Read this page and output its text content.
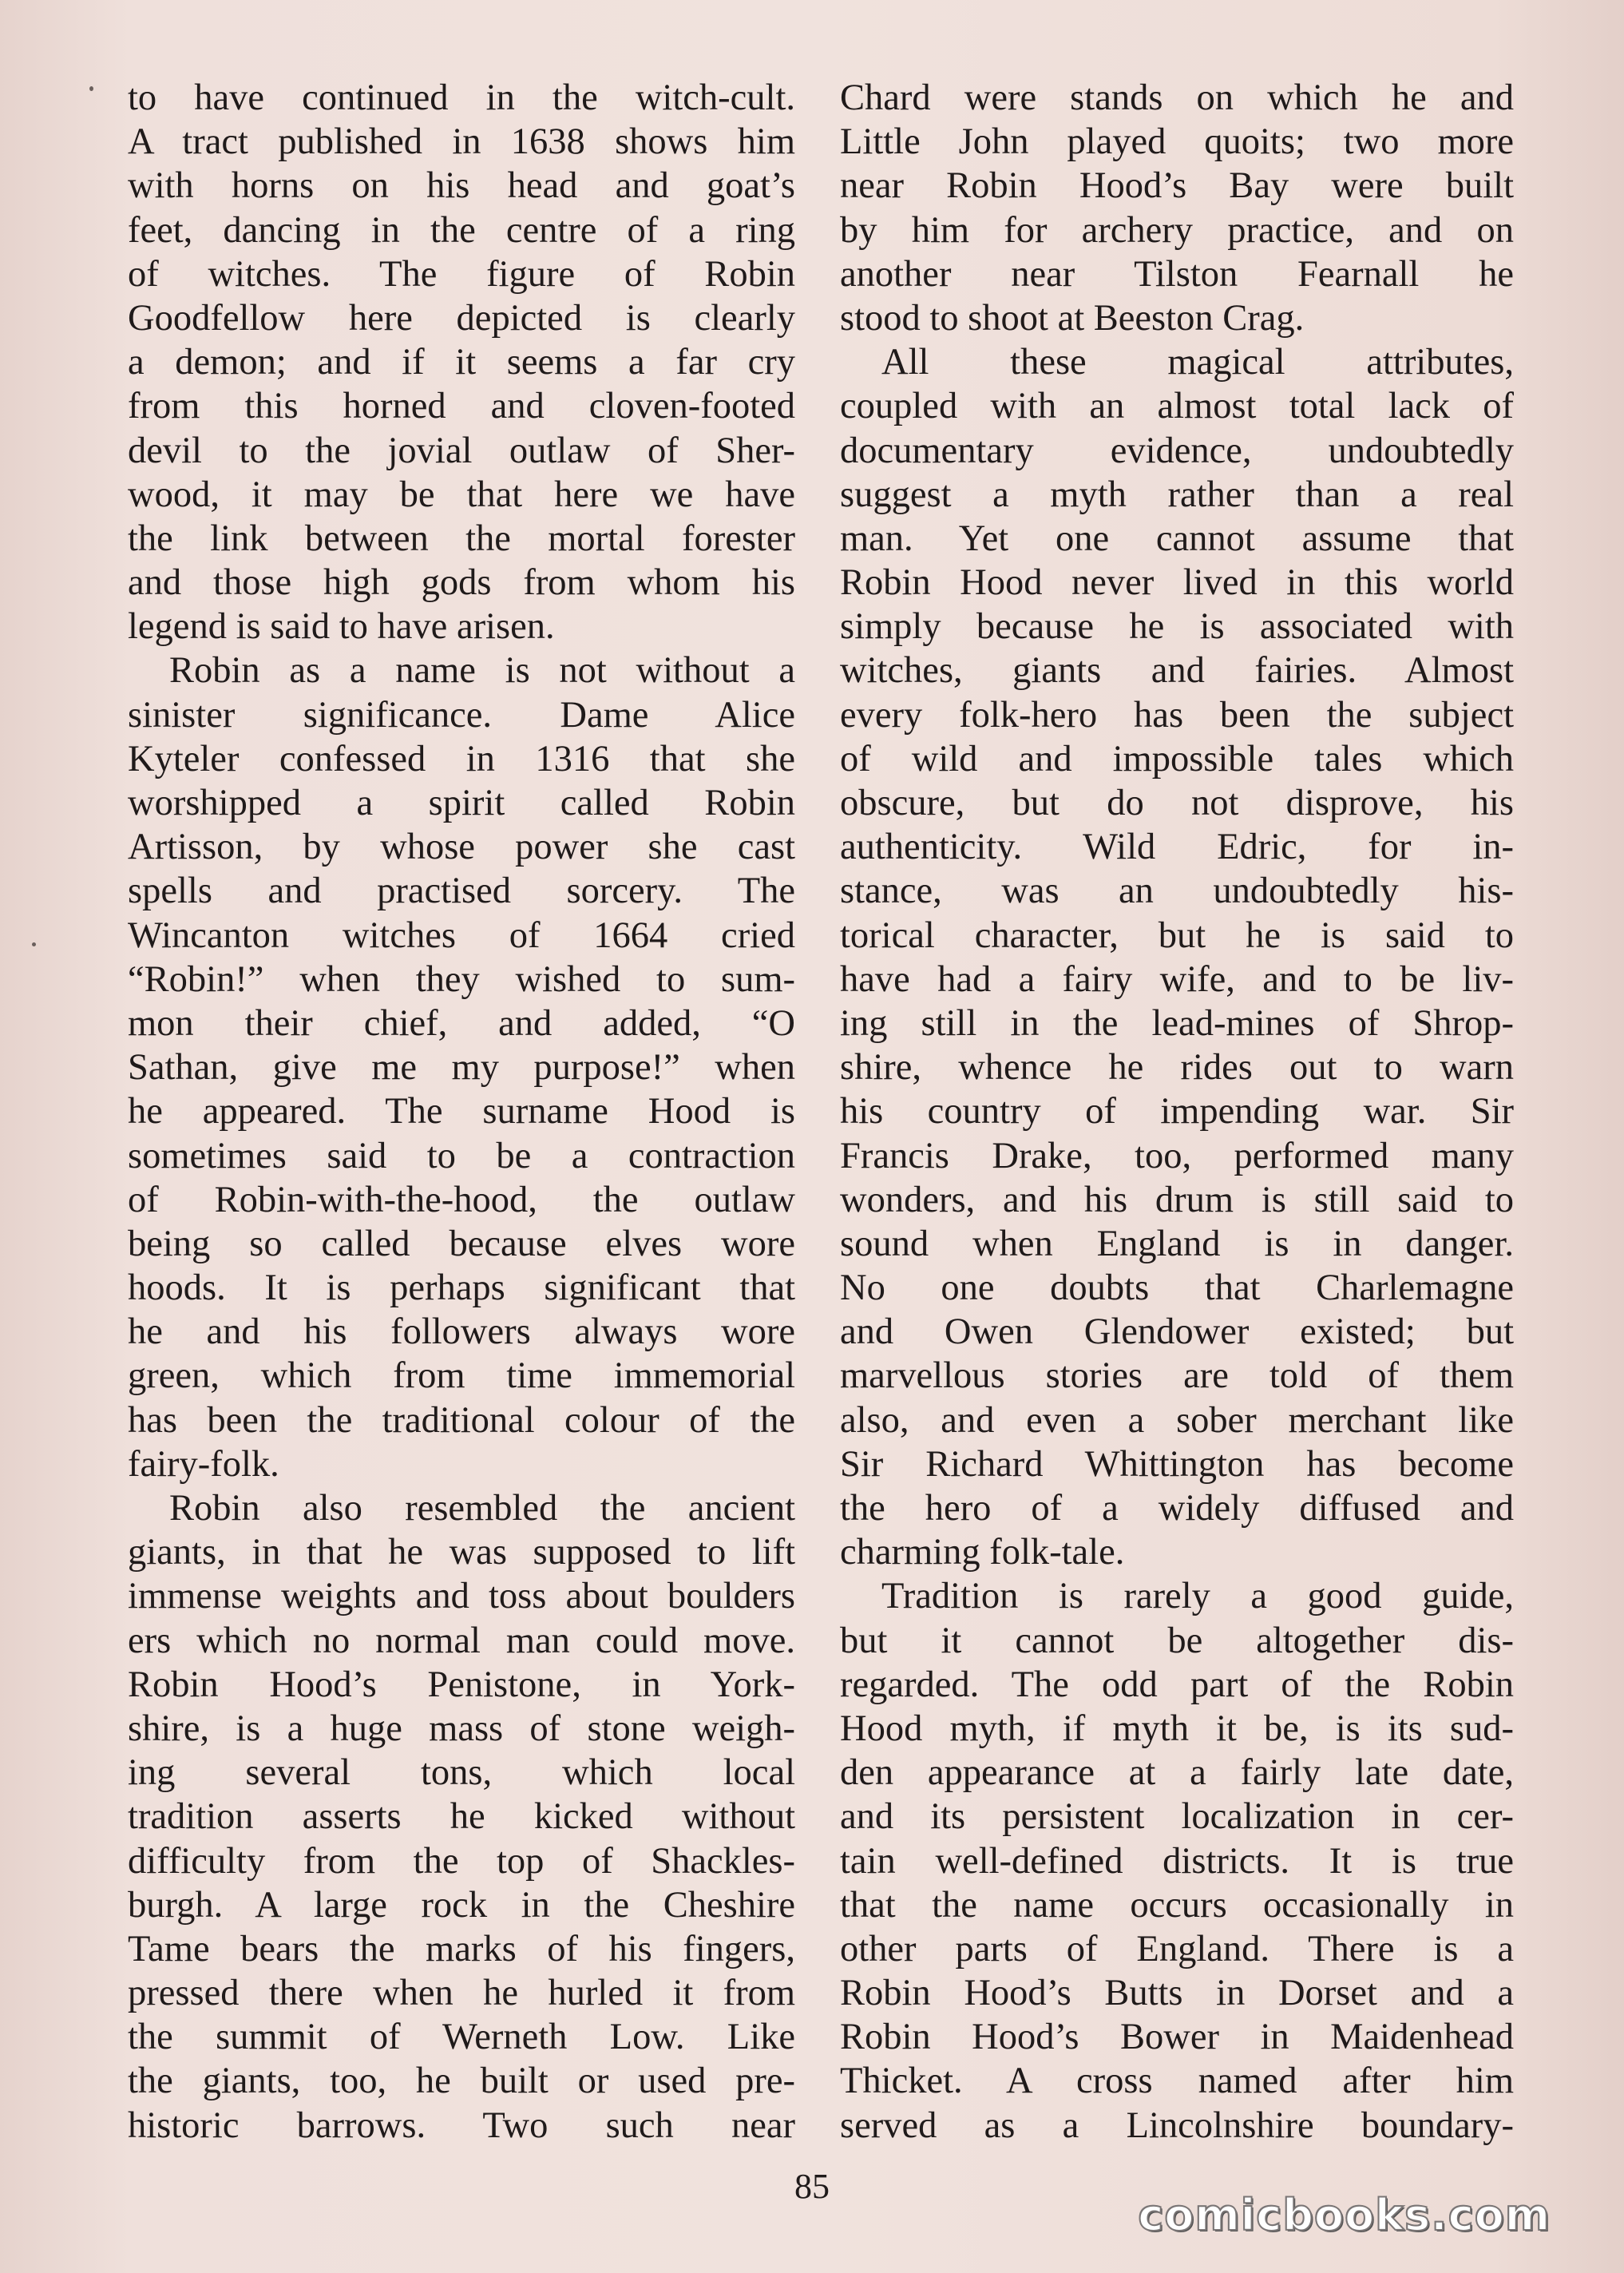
to have continued in the witch-cult.
A tract published in 1638 shows him
with horns on his head and goat’s
feet, dancing in the centre of a ring
of witches. The figure of Robin
Goodfellow here depicted is clearly
a demon; and if it seems a far cry
from this horned and cloven-footed
devil to the jovial outlaw of Sher-
wood, it may be that here we have
the link between the mortal forester
and those high gods from whom his
legend is said to have arisen.
Robin as a name is not without a
sinister significance. Dame Alice
Kyteler confessed in 1316 that she
worshipped a spirit called Robin
Artisson, by whose power she cast
spells and practised sorcery. The
Wincanton witches of 1664 cried
“Robin!” when they wished to sum-
mon their chief, and added, “O
Sathan, give me my purpose!” when
he appeared. The surname Hood is
sometimes said to be a contraction
of Robin-with-the-hood, the outlaw
being so called because elves wore
hoods. It is perhaps significant that
he and his followers always wore
green, which from time immemorial
has been the traditional colour of the
fairy-folk.
Robin also resembled the ancient
giants, in that he was supposed to lift
immense weights and toss about boulders
ers which no normal man could move.
Robin Hood’s Penistone, in York-
shire, is a huge mass of stone weigh-
ing several tons, which local
tradition asserts he kicked without
difficulty from the top of Shackles-
burgh. A large rock in the Cheshire
Tame bears the marks of his fingers,
pressed there when he hurled it from
the summit of Werneth Low. Like
the giants, too, he built or used pre-
historic barrows. Two such near
Chard were stands on which he and
Little John played quoits; two more
near Robin Hood’s Bay were built
by him for archery practice, and on
another near Tilston Fearnall he
stood to shoot at Beeston Crag.
All these magical attributes,
coupled with an almost total lack of
documentary evidence, undoubtedly
suggest a myth rather than a real
man. Yet one cannot assume that
Robin Hood never lived in this world
simply because he is associated with
witches, giants and fairies. Almost
every folk-hero has been the subject
of wild and impossible tales which
obscure, but do not disprove, his
authenticity. Wild Edric, for in-
stance, was an undoubtedly his-
torical character, but he is said to
have had a fairy wife, and to be liv-
ing still in the lead-mines of Shrop-
shire, whence he rides out to warn
his country of impending war. Sir
Francis Drake, too, performed many
wonders, and his drum is still said to
sound when England is in danger.
No one doubts that Charlemagne
and Owen Glendower existed; but
marvellous stories are told of them
also, and even a sober merchant like
Sir Richard Whittington has become
the hero of a widely diffused and
charming folk-tale.
Tradition is rarely a good guide,
but it cannot be altogether dis-
regarded. The odd part of the Robin
Hood myth, if myth it be, is its sud-
den appearance at a fairly late date,
and its persistent localization in cer-
tain well-defined districts. It is true
that the name occurs occasionally in
other parts of England. There is a
Robin Hood’s Butts in Dorset and a
Robin Hood’s Bower in Maidenhead
Thicket. A cross named after him
served as a Lincolnshire boundary-
85
comicbooks.com
